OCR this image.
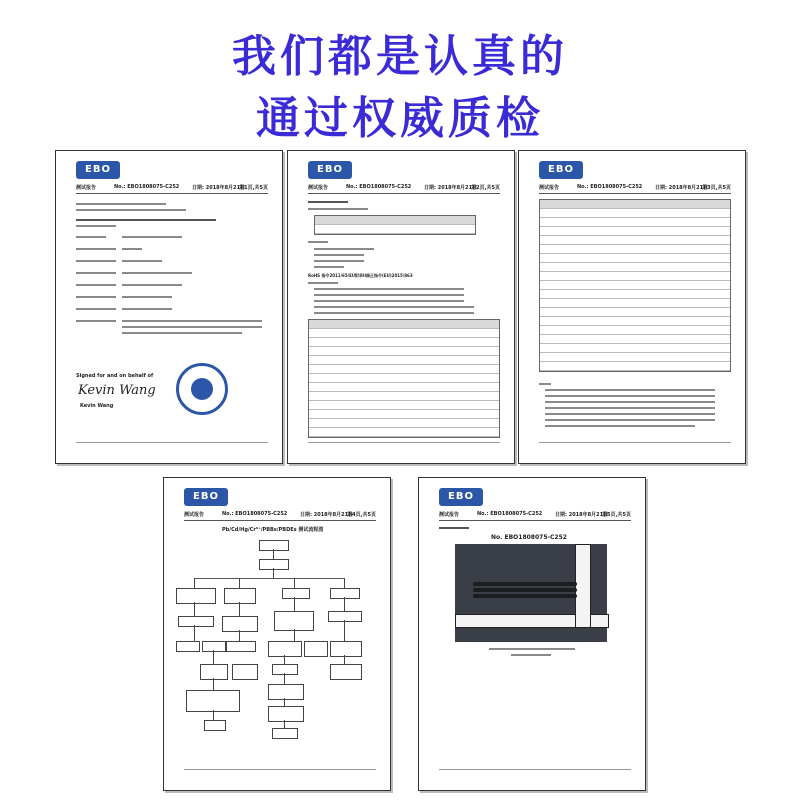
我们都是认真的
通过权威质检
EBO
测试报告	No.: EBO1808075-C252	日期: 2018年8月21日
第1页,共5页
Signed for and on behalf of
Kevin Wang
Kevin Wang
EBO
测试报告	No.: EBO1808075-C252	日期: 2018年8月21日
第2页,共5页
RoHS 指令2011/65/EU附录II修正指令(EU)2015/863
EBO
测试报告	No.: EBO1808075-C252	日期: 2018年8月21日
第3页,共5页
EBO
测试报告	No.: EBO1808075-C252	日期: 2018年8月21日
第4页,共5页
Pb/Cd/Hg/Cr⁶⁺/PBBs/PBDEs 测试流程图
EBO
测试报告	No.: EBO1808075-C252	日期: 2018年8月21日
第5页,共5页
No. EBO1808075-C252
